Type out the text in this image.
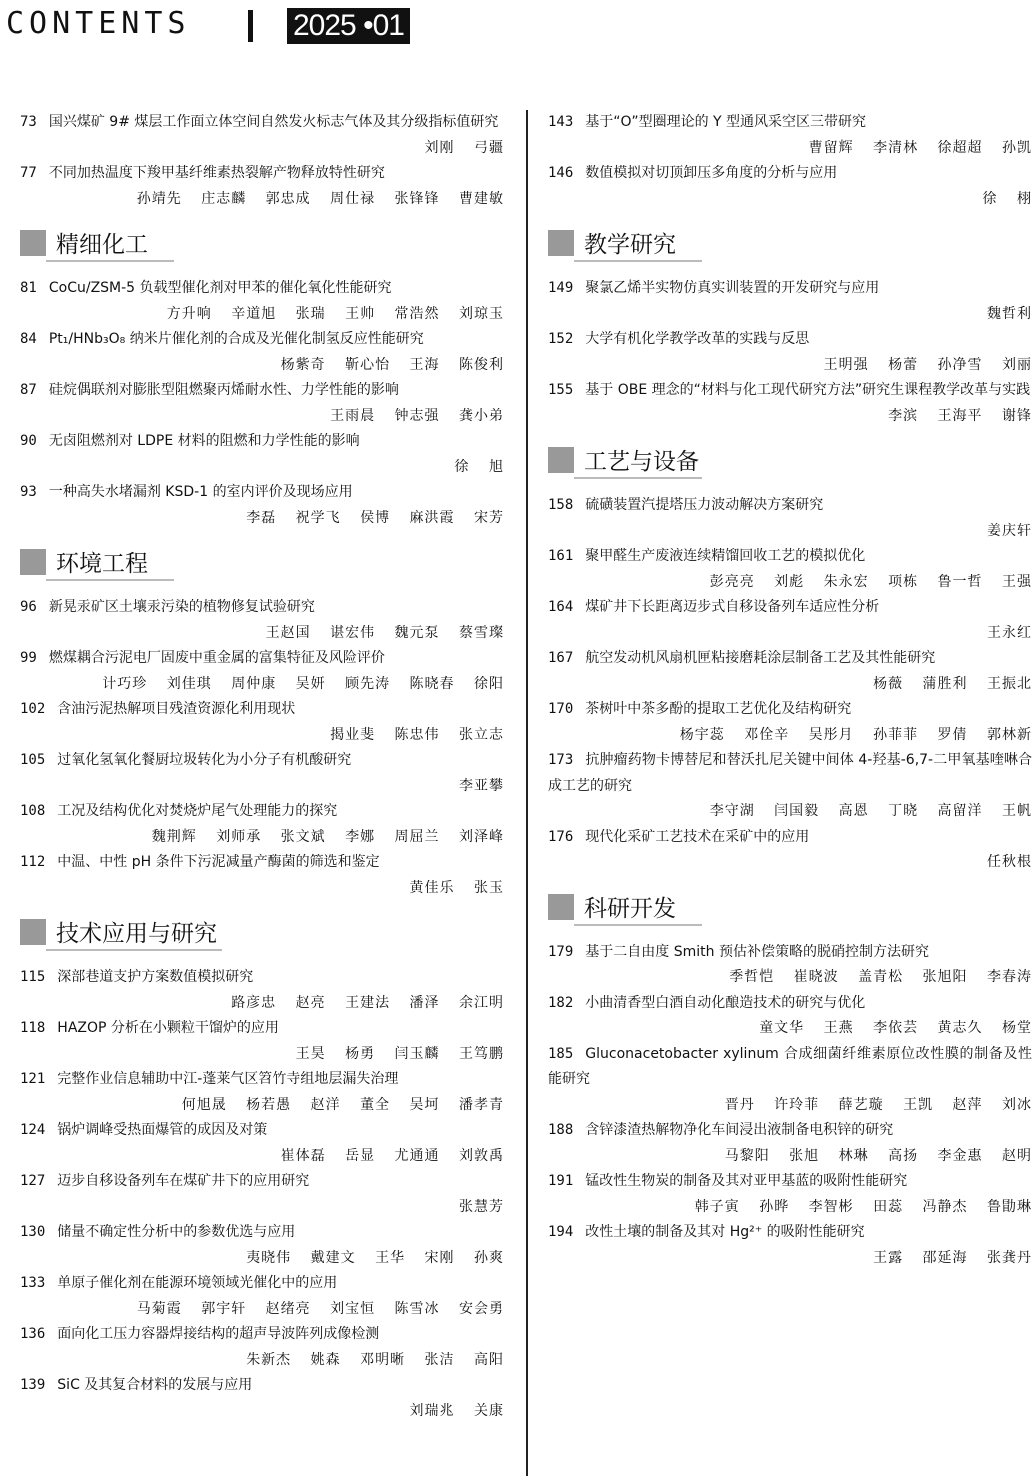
CONTENTS	2025 •01
73 国兴煤矿 9# 煤层工作面立体空间自然发火标志气体及其分级指标值研究
刘刚 弓疆
77 不同加热温度下羧甲基纤维素热裂解产物释放特性研究
孙靖先 庄志麟 郭忠成 周仕禄 张锋锋 曹建敏
精细化工
81 CoCu/ZSM-5 负载型催化剂对甲苯的催化氧化性能研究
方升响 辛道旭 张瑞 王帅 常浩然 刘琼玉
84 Pt₁/HNb₃O₈ 纳米片催化剂的合成及光催化制氢反应性能研究
杨紫奇 靳心怡 王海 陈俊利
87 硅烷偶联剂对膨胀型阻燃聚丙烯耐水性、力学性能的影响
王雨晨 钟志强 龚小弟
90 无卤阻燃剂对 LDPE 材料的阻燃和力学性能的影响
徐 旭
93 一种高失水堵漏剂 KSD-1 的室内评价及现场应用
李磊 祝学飞 侯博 麻洪霞 宋芳
环境工程
96 新晃汞矿区土壤汞污染的植物修复试验研究
王赵国 谌宏伟 魏元泵 蔡雪璨
99 燃煤耦合污泥电厂固废中重金属的富集特征及风险评价
计巧珍 刘佳琪 周仲康 吴妍 顾先涛 陈晓春 徐阳
102 含油污泥热解项目残渣资源化利用现状
揭业斐 陈忠伟 张立志
105 过氧化氢氧化餐厨垃圾转化为小分子有机酸研究
李亚攀
108 工况及结构优化对焚烧炉尾气处理能力的探究
魏荆辉 刘师承 张文斌 李娜 周屈兰 刘泽峰
112 中温、中性 pH 条件下污泥减量产酶菌的筛选和鉴定
黄佳乐 张玉
技术应用与研究
115 深部巷道支护方案数值模拟研究
路彦忠 赵亮 王建法 潘泽 余江明
118 HAZOP 分析在小颗粒干馏炉的应用
王昊 杨勇 闫玉麟 王笃鹏
121 完整作业信息辅助中江-蓬莱气区笤竹寺组地层漏失治理
何旭晟 杨若愚 赵洋 董全 吴坷 潘孝青
124 锅炉调峰受热面爆管的成因及对策
崔体磊 岳显 尤通通 刘敦禹
127 迈步自移设备列车在煤矿井下的应用研究
张慧芳
130 储量不确定性分析中的参数优选与应用
夷晓伟 戴建文 王华 宋刚 孙爽
133 单原子催化剂在能源环境领域光催化中的应用
马菊霞 郭宇轩 赵绪亮 刘宝恒 陈雪冰 安会勇
136 面向化工压力容器焊接结构的超声导波阵列成像检测
朱新杰 姚森 邓明晰 张洁 高阳
139 SiC 及其复合材料的发展与应用
刘瑞兆 关康
143 基于“O”型圈理论的 Y 型通风采空区三带研究
曹留辉 李清林 徐超超 孙凯
146 数值模拟对切顶卸压多角度的分析与应用
徐 栩
教学研究
149 聚氯乙烯半实物仿真实训装置的开发研究与应用
魏哲利
152 大学有机化学教学改革的实践与反思
王明强 杨蕾 孙净雪 刘丽
155 基于 OBE 理念的“材料与化工现代研究方法”研究生课程教学改革与实践
李滨 王海平 谢锋
工艺与设备
158 硫磺装置汽提塔压力波动解决方案研究
姜庆轩
161 聚甲醛生产废液连续精馏回收工艺的模拟优化
彭亮亮 刘彪 朱永宏 项栋 鲁一哲 王强
164 煤矿井下长距离迈步式自移设备列车适应性分析
王永红
167 航空发动机风扇机匣粘接磨耗涂层制备工艺及其性能研究
杨薇 蒲胜利 王振北
170 茶树叶中茶多酚的提取工艺优化及结构研究
杨宇蕊 邓佺辛 吴彤月 孙菲菲 罗倩 郭林新
173 抗肿瘤药物卡博替尼和替沃扎尼关键中间体 4-羟基-6,7-二甲氧基喹啉合成工艺的研究
李守湖 闫国毅 高恩 丁晓 高留洋 王帆
176 现代化采矿工艺技术在采矿中的应用
任秋根
科研开发
179 基于二自由度 Smith 预估补偿策略的脱硝控制方法研究
季哲恺 崔晓波 盖青松 张旭阳 李春涛
182 小曲清香型白酒自动化酿造技术的研究与优化
童文华 王燕 李依芸 黄志久 杨堂
185 Gluconacetobacter xylinum 合成细菌纤维素原位改性膜的制备及性能研究
晋丹 许玲菲 薛艺璇 王凯 赵萍 刘冰
188 含锌漆渣热解物净化车间浸出液制备电积锌的研究
马黎阳 张旭 林琳 高扬 李金惠 赵明
191 锰改性生物炭的制备及其对亚甲基蓝的吸附性能研究
韩子寅 孙晔 李智彬 田蕊 冯静杰 鲁勖琳
194 改性土壤的制备及其对 Hg²⁺ 的吸附性能研究
王露 邵延海 张龚丹
